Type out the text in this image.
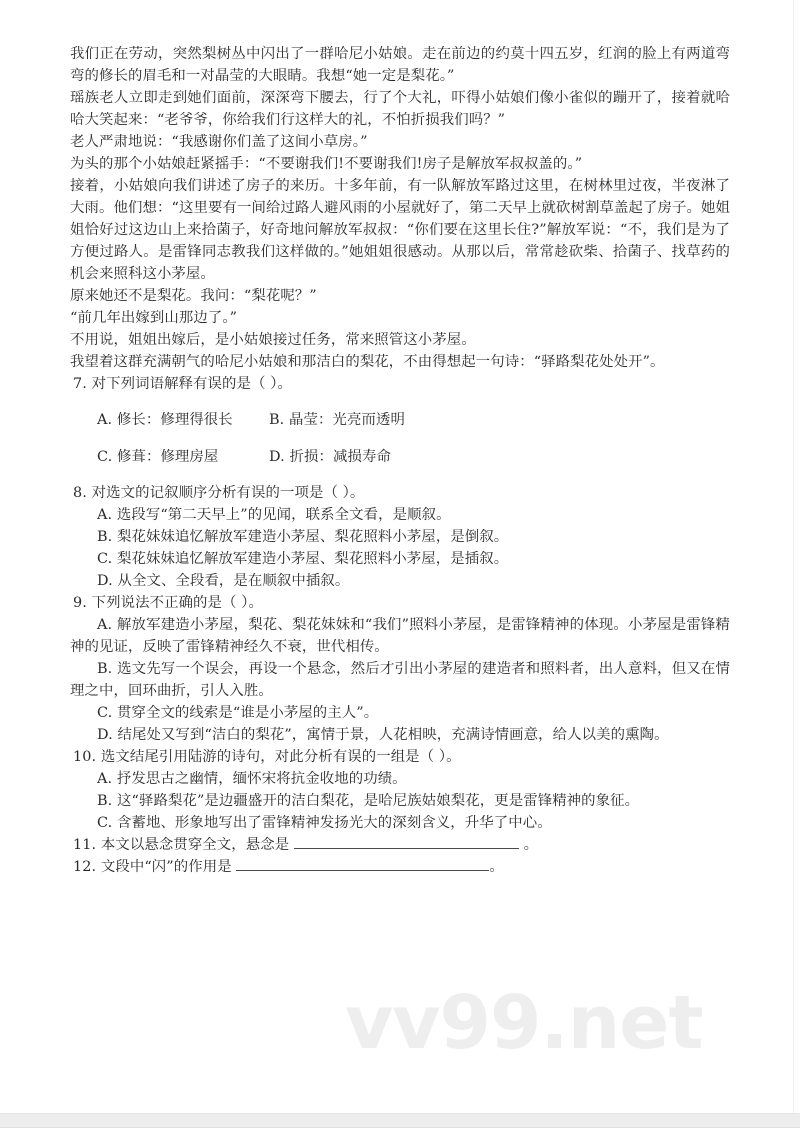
我们正在劳动，突然梨树丛中闪出了一群哈尼小姑娘。走在前边的约莫十四五岁，红润的脸上有两道弯弯的修长的眉毛和一对晶莹的大眼睛。我想“她一定是梨花。”

瑶族老人立即走到她们面前，深深弯下腰去，行了个大礼，吓得小姑娘们像小雀似的蹦开了，接着就哈哈大笑起来：“老爷爷，你给我们行这样大的礼，不怕折损我们吗？”

老人严肃地说：“我感谢你们盖了这间小草房。”

为头的那个小姑娘赶紧摇手：“不要谢我们!不要谢我们!房子是解放军叔叔盖的。”

接着，小姑娘向我们讲述了房子的来历。十多年前，有一队解放军路过这里，在树林里过夜，半夜淋了大雨。他们想：“这里要有一间给过路人避风雨的小屋就好了，第二天早上就砍树割草盖起了房子。她姐姐恰好过这边山上来拾菌子，好奇地问解放军叔叔：“你们要在这里长住?”解放军说：“不，我们是为了方便过路人。是雷锋同志教我们这样做的。”她姐姐很感动。从那以后，常常趁砍柴、拾菌子、找草药的机会来照科这小茅屋。

原来她还不是梨花。我问：“梨花呢？”

“前几年出嫁到山那边了。”

不用说，姐姐出嫁后，是小姑娘接过任务，常来照管这小茅屋。

我望着这群充满朝气的哈尼小姑娘和那洁白的梨花，不由得想起一句诗：“驿路梨花处处开”。

7. 对下列词语解释有误的是（ ）。

A. 修长：修理得很长	B. 晶莹：光亮而透明

C. 修葺：修理房屋	D. 折损：减损寿命

8. 对选文的记叙顺序分析有误的一项是（ ）。

A. 选段写“第二天早上”的见闻，联系全文看，是顺叙。

B. 梨花妹妹追忆解放军建造小茅屋、梨花照料小茅屋，是倒叙。

C. 梨花妹妹追忆解放军建造小茅屋、梨花照料小茅屋，是插叙。

D. 从全文、全段看，是在顺叙中插叙。

9. 下列说法不正确的是（ ）。

A. 解放军建造小茅屋，梨花、梨花妹妹和“我们”照料小茅屋，是雷锋精神的体现。小茅屋是雷锋精神的见证，反映了雷锋精神经久不衰，世代相传。

B. 选文先写一个误会，再设一个悬念，然后才引出小茅屋的建造者和照料者，出人意料，但又在情理之中，回环曲折，引人入胜。

C. 贯穿全文的线索是“谁是小茅屋的主人”。

D. 结尾处又写到“洁白的梨花”，寓情于景，人花相映，充满诗情画意，给人以美的熏陶。

10. 选文结尾引用陆游的诗句，对此分析有误的一组是（ ）。

A. 抒发思古之幽情，缅怀宋将抗金收地的功绩。

B. 这“驿路梨花”是边疆盛开的洁白梨花，是哈尼族姑娘梨花，更是雷锋精神的象征。

C. 含蓄地、形象地写出了雷锋精神发扬光大的深刻含义，升华了中心。

11. 本文以悬念贯穿全文，悬念是	。

12. 文段中“闪”的作用是	。

vv99.net
